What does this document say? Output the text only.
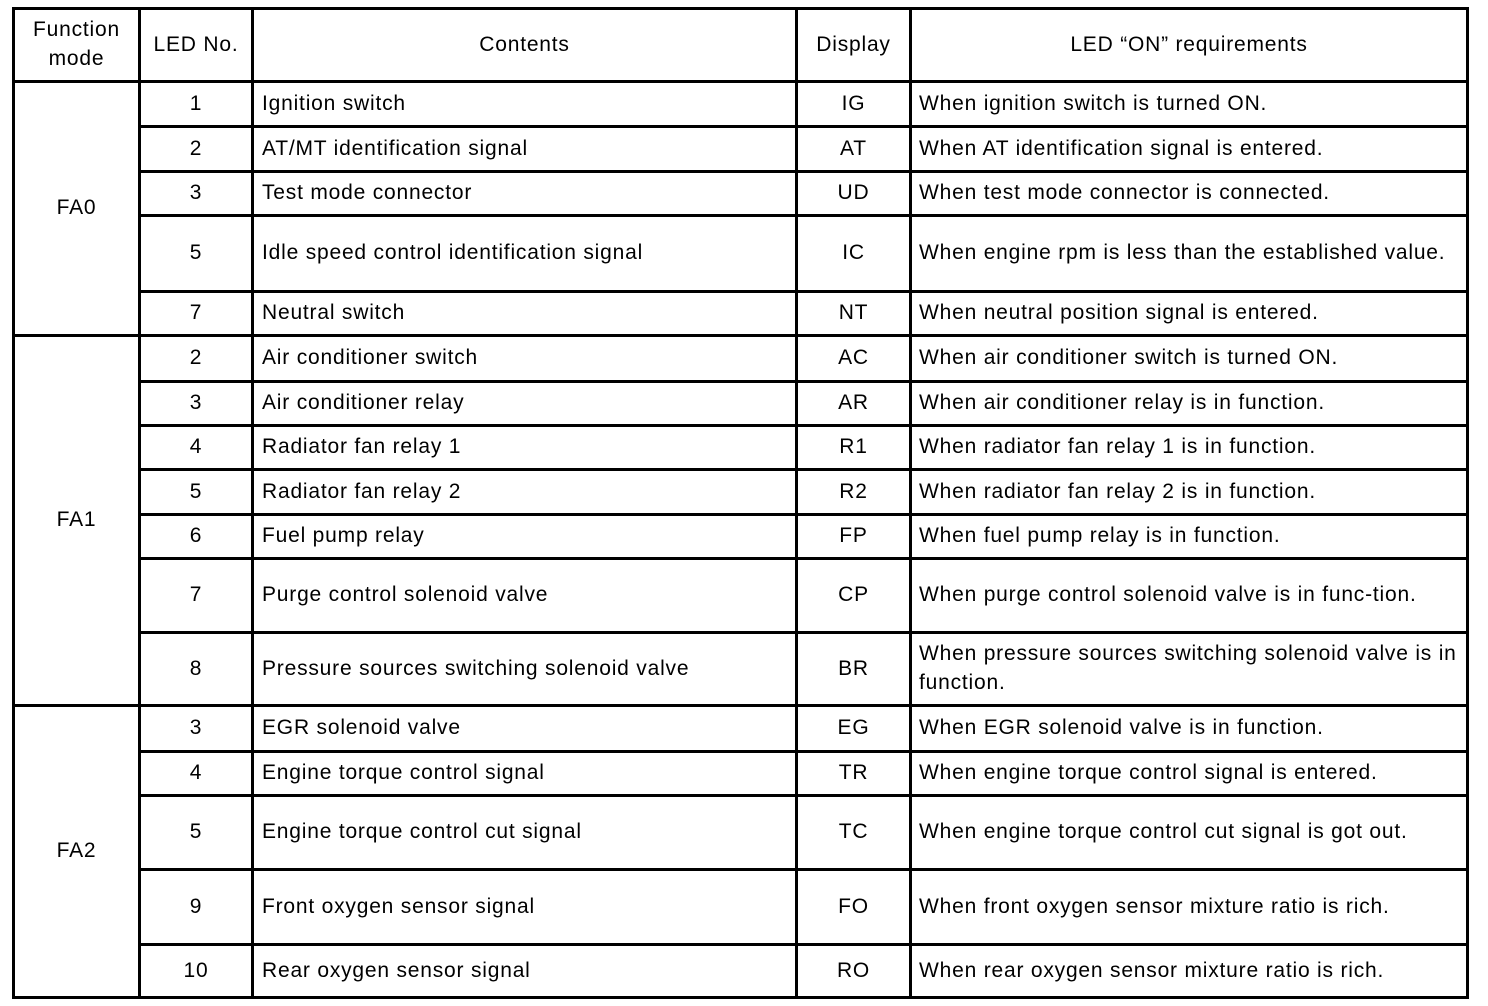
Function mode	LED No.	Contents	Display	LED “ON” requirements
FA0	1	Ignition switch	IG	When ignition switch is turned ON.
	2	AT/MT identification signal	AT	When AT identification signal is entered.
	3	Test mode connector	UD	When test mode connector is connected.
	5	Idle speed control identification signal	IC	When engine rpm is less than the established value.
	7	Neutral switch	NT	When neutral position signal is entered.
FA1	2	Air conditioner switch	AC	When air conditioner switch is turned ON.
	3	Air conditioner relay	AR	When air conditioner relay is in function.
	4	Radiator fan relay 1	R1	When radiator fan relay 1 is in function.
	5	Radiator fan relay 2	R2	When radiator fan relay 2 is in function.
	6	Fuel pump relay	FP	When fuel pump relay is in function.
	7	Purge control solenoid valve	CP	When purge control solenoid valve is in func-tion.
	8	Pressure sources switching solenoid valve	BR	When pressure sources switching solenoid valve is in function.
FA2	3	EGR solenoid valve	EG	When EGR solenoid valve is in function.
	4	Engine torque control signal	TR	When engine torque control signal is entered.
	5	Engine torque control cut signal	TC	When engine torque control cut signal is got out.
	9	Front oxygen sensor signal	FO	When front oxygen sensor mixture ratio is rich.
	10	Rear oxygen sensor signal	RO	When rear oxygen sensor mixture ratio is rich.
